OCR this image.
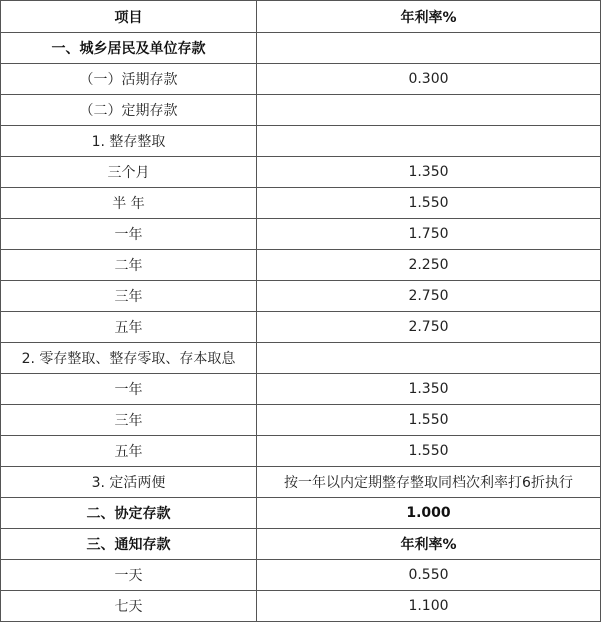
项目	年利率%
一、城乡居民及单位存款	
（一）活期存款	0.300
（二）定期存款	
1. 整存整取	
三个月	1.350
半 年	1.550
一年	1.750
二年	2.250
三年	2.750
五年	2.750
2. 零存整取、整存零取、存本取息	
一年	1.350
三年	1.550
五年	1.550
3. 定活两便	按一年以内定期整存整取同档次利率打6折执行
二、协定存款	1.000
三、通知存款	年利率%
一天	0.550
七天	1.100
